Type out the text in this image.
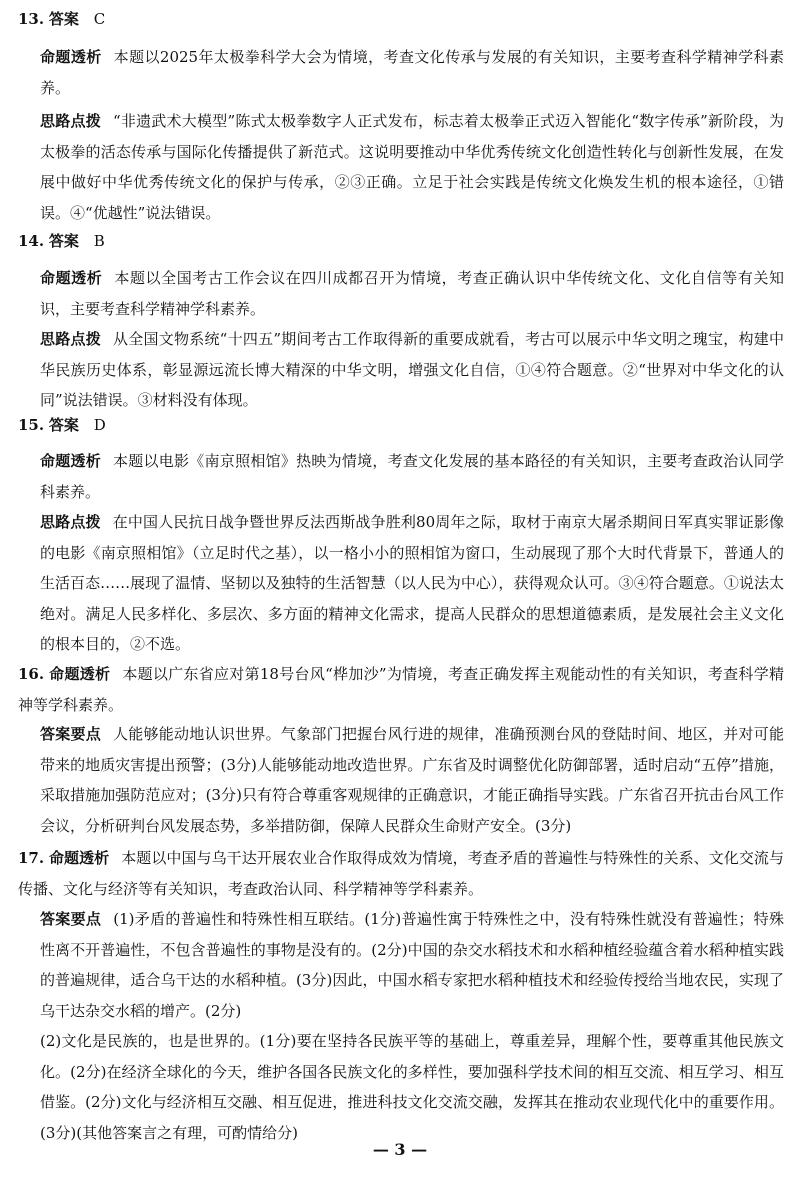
13. 答案 C
命题透析 本题以2025年太极拳科学大会为情境，考查文化传承与发展的有关知识，主要考查科学精神学科素养。
思路点拨 “非遗武术大模型”陈式太极拳数字人正式发布，标志着太极拳正式迈入智能化“数字传承”新阶段，为太极拳的活态传承与国际化传播提供了新范式。这说明要推动中华优秀传统文化创造性转化与创新性发展，在发展中做好中华优秀传统文化的保护与传承，②③正确。立足于社会实践是传统文化焕发生机的根本途径，①错误。④“优越性”说法错误。
14. 答案 B
命题透析 本题以全国考古工作会议在四川成都召开为情境，考查正确认识中华传统文化、文化自信等有关知识，主要考查科学精神学科素养。
思路点拨 从全国文物系统“十四五”期间考古工作取得新的重要成就看，考古可以展示中华文明之瑰宝，构建中华民族历史体系，彰显源远流长博大精深的中华文明，增强文化自信，①④符合题意。②“世界对中华文化的认同”说法错误。③材料没有体现。
15. 答案 D
命题透析 本题以电影《南京照相馆》热映为情境，考查文化发展的基本路径的有关知识，主要考查政治认同学科素养。
思路点拨 在中国人民抗日战争暨世界反法西斯战争胜利80周年之际，取材于南京大屠杀期间日军真实罪证影像的电影《南京照相馆》（立足时代之基），以一格小小的照相馆为窗口，生动展现了那个大时代背景下，普通人的生活百态……展现了温情、坚韧以及独特的生活智慧（以人民为中心），获得观众认可。③④符合题意。①说法太绝对。满足人民多样化、多层次、多方面的精神文化需求，提高人民群众的思想道德素质，是发展社会主义文化的根本目的，②不选。
16. 命题透析 本题以广东省应对第18号台风“桦加沙”为情境，考查正确发挥主观能动性的有关知识，考查科学精神等学科素养。
答案要点 人能够能动地认识世界。气象部门把握台风行进的规律，准确预测台风的登陆时间、地区，并对可能带来的地质灾害提出预警；(3分)人能够能动地改造世界。广东省及时调整优化防御部署，适时启动“五停”措施，采取措施加强防范应对；(3分)只有符合尊重客观规律的正确意识，才能正确指导实践。广东省召开抗击台风工作会议，分析研判台风发展态势，多举措防御，保障人民群众生命财产安全。(3分)
17. 命题透析 本题以中国与乌干达开展农业合作取得成效为情境，考查矛盾的普遍性与特殊性的关系、文化交流与传播、文化与经济等有关知识，考查政治认同、科学精神等学科素养。
答案要点 (1)矛盾的普遍性和特殊性相互联结。(1分)普遍性寓于特殊性之中，没有特殊性就没有普遍性；特殊性离不开普遍性，不包含普遍性的事物是没有的。(2分)中国的杂交水稻技术和水稻种植经验蕴含着水稻种植实践的普遍规律，适合乌干达的水稻种植。(3分)因此，中国水稻专家把水稻种植技术和经验传授给当地农民，实现了乌干达杂交水稻的增产。(2分)
(2)文化是民族的，也是世界的。(1分)要在坚持各民族平等的基础上，尊重差异，理解个性，要尊重其他民族文化。(2分)在经济全球化的今天，维护各国各民族文化的多样性，要加强科学技术间的相互交流、相互学习、相互借鉴。(2分)文化与经济相互交融、相互促进，推进科技文化交流交融，发挥其在推动农业现代化中的重要作用。(3分)(其他答案言之有理，可酌情给分)
— 3 —
